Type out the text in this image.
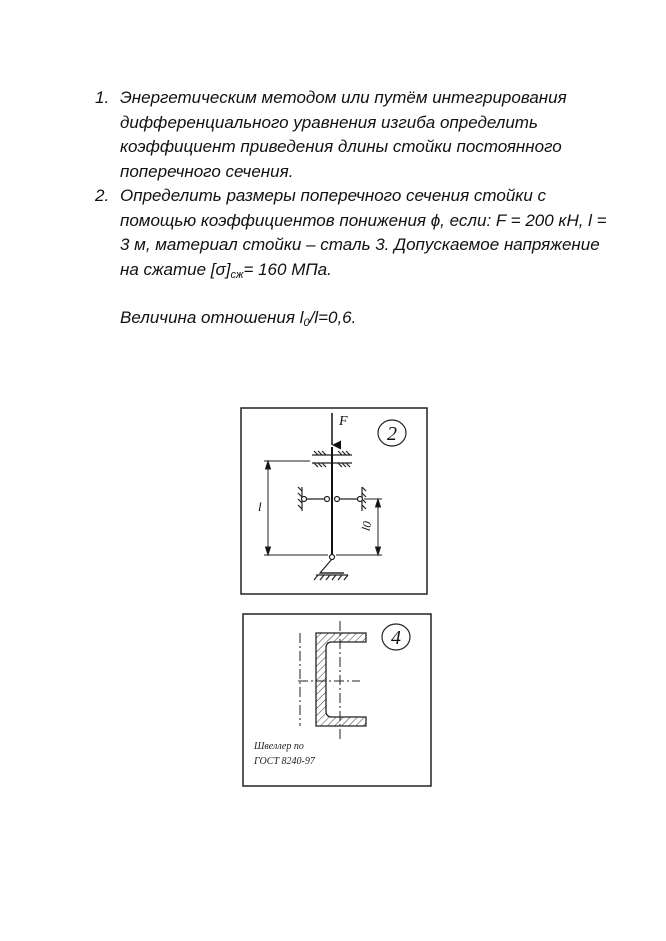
1. Энергетическим методом или путём интегрирования дифференциального уравнения изгиба определить коэффициент приведения длины стойки постоянного поперечного сечения.
2. Определить размеры поперечного сечения стойки с помощью коэффициентов понижения ϕ, если: F = 200 кН, l = 3 м, материал стойки – сталь 3. Допускаемое напряжение на сжатие $[\sigma]_{сж}= 160$ МПа.
Величина отношения $l_0/l=0,6$.
2
F
l
l0
4
Швеллер по
ГОСТ 8240-97
